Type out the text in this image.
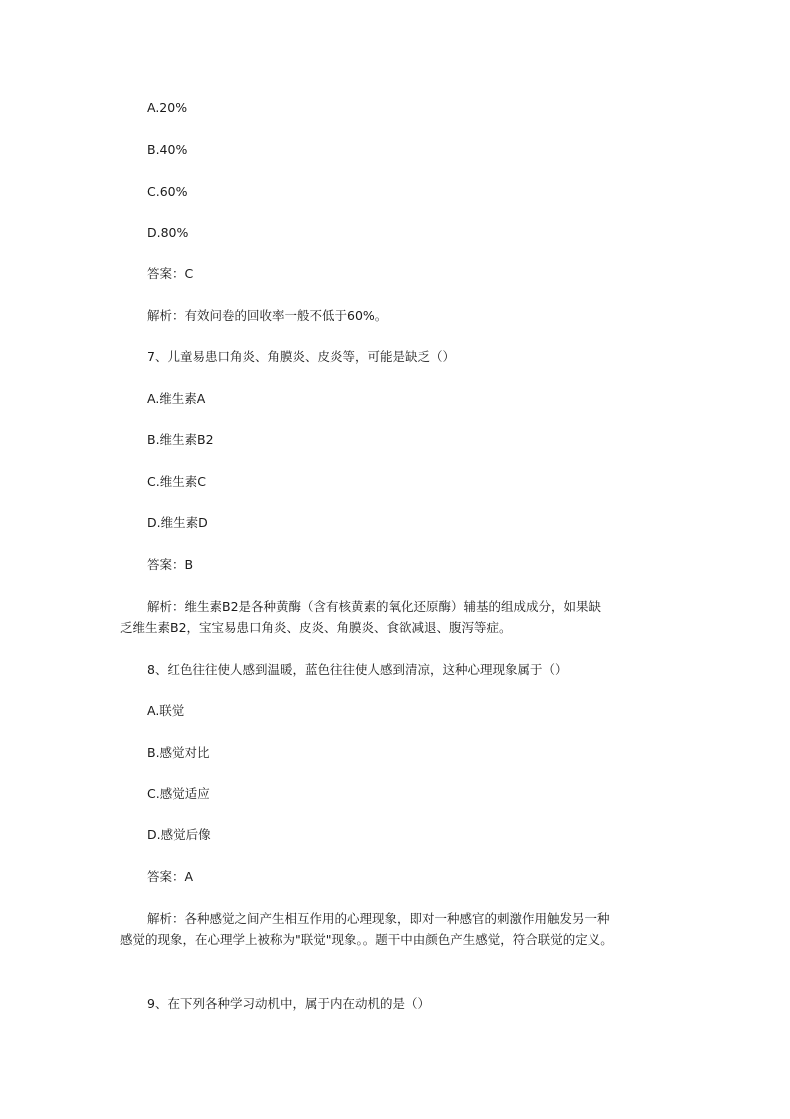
A.20%
B.40%
C.60%
D.80%
答案：C
解析：有效问卷的回收率一般不低于60%。
7、儿童易患口角炎、角膜炎、皮炎等，可能是缺乏（）
A.维生素A
B.维生素B2
C.维生素C
D.维生素D
答案：B
解析：维生素B2是各种黄酶（含有核黄素的氧化还原酶）辅基的组成成分，如果缺
乏维生素B2，宝宝易患口角炎、皮炎、角膜炎、食欲减退、腹泻等症。
8、红色往往使人感到温暖，蓝色往往使人感到清凉，这种心理现象属于（）
A.联觉
B.感觉对比
C.感觉适应
D.感觉后像
答案：A
解析：各种感觉之间产生相互作用的心理现象，即对一种感官的刺激作用触发另一种
感觉的现象，在心理学上被称为"联觉"现象。。题干中由颜色产生感觉，符合联觉的定义。
9、在下列各种学习动机中，属于内在动机的是（）
